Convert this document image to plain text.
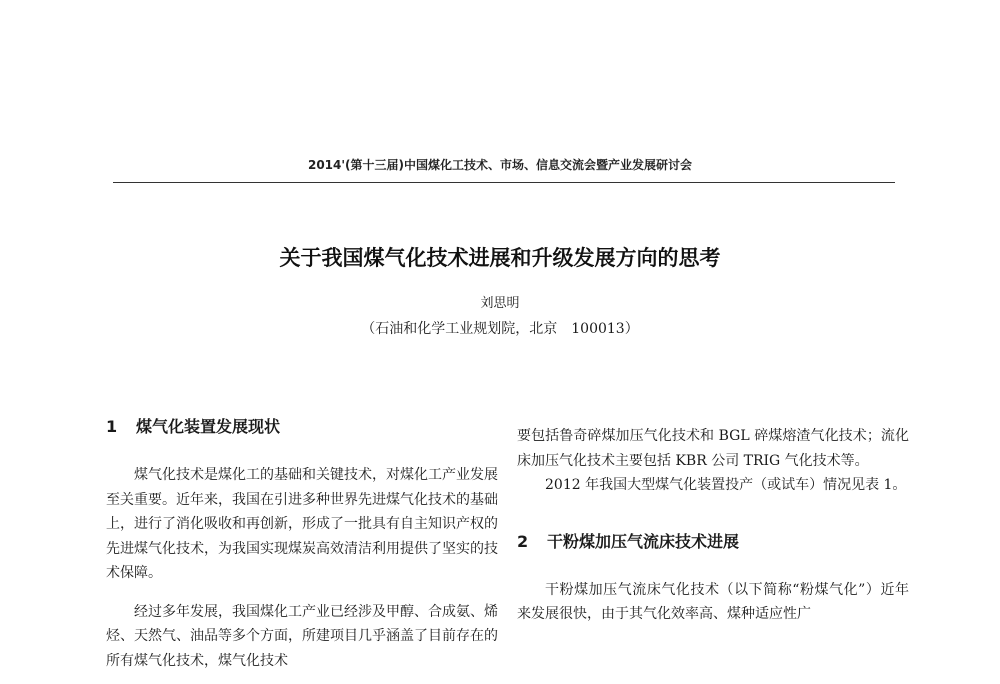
2014'(第十三届)中国煤化工技术、市场、信息交流会暨产业发展研讨会
关于我国煤气化技术进展和升级发展方向的思考
刘思明
（石油和化学工业规划院，北京　100013）
1 煤气化装置发展现状

煤气化技术是煤化工的基础和关键技术，对煤化工产业发展至关重要。近年来，我国在引进多种世界先进煤气化技术的基础上，进行了消化吸收和再创新，形成了一批具有自主知识产权的先进煤气化技术，为我国实现煤炭高效清洁利用提供了坚实的技术保障。

经过多年发展，我国煤化工产业已经涉及甲醇、合成氨、烯烃、天然气、油品等多个方面，所建项目几乎涵盖了目前存在的所有煤气化技术，煤气化技术

要包括鲁奇碎煤加压气化技术和 BGL 碎煤熔渣气化技术；流化床加压气化技术主要包括 KBR 公司 TRIG 气化技术等。

2012 年我国大型煤气化装置投产（或试车）情况见表 1。

2 干粉煤加压气流床技术进展

干粉煤加压气流床气化技术（以下简称“粉煤气化”）近年来发展很快，由于其气化效率高、煤种适应性广
